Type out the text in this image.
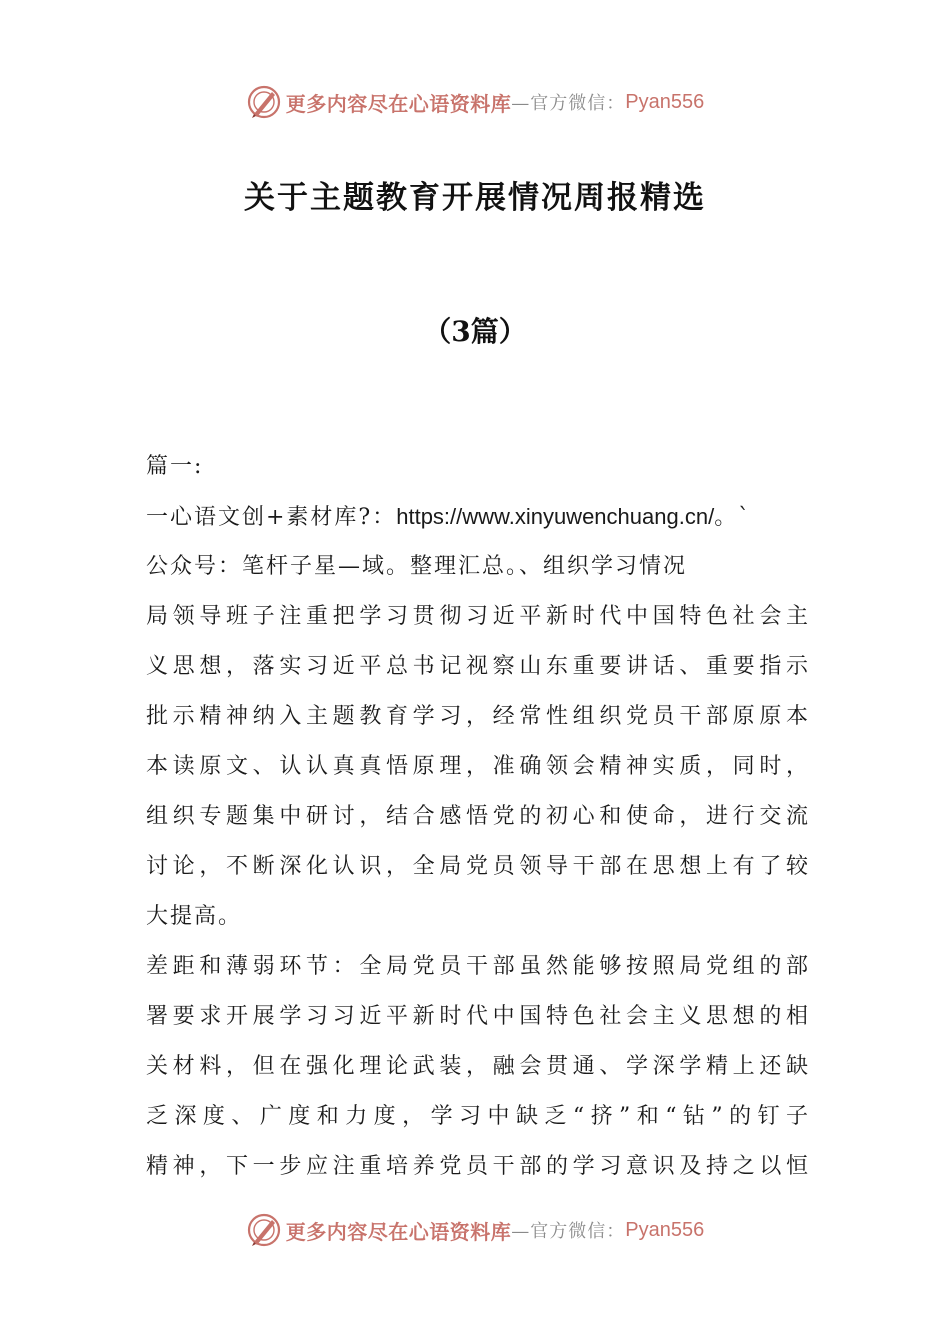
更多内容尽在心语资料库 —官方微信： Pyan556
关于主题教育开展情况周报精选
（3篇）
篇一:
一心语文创+素材库?：https://www.xinyuwenchuang.cn/。`
公众号：笔杆子星—域。整理汇总。、组织学习情况
局领导班子注重把学习贯彻习近平新时代中国特色社会主
义思想，落实习近平总书记视察山东重要讲话、重要指示
批示精神纳入主题教育学习，经常性组织党员干部原原本
本读原文、认认真真悟原理，准确领会精神实质，同时，
组织专题集中研讨，结合感悟党的初心和使命，进行交流
讨论，不断深化认识，全局党员领导干部在思想上有了较
大提高。
差距和薄弱环节：全局党员干部虽然能够按照局党组的部
署要求开展学习习近平新时代中国特色社会主义思想的相
关材料，但在强化理论武装，融会贯通、学深学精上还缺
乏深度、广度和力度，学习中缺乏“挤”和“钻”的钉子
精神，下一步应注重培养党员干部的学习意识及持之以恒
更多内容尽在心语资料库 —官方微信： Pyan556
